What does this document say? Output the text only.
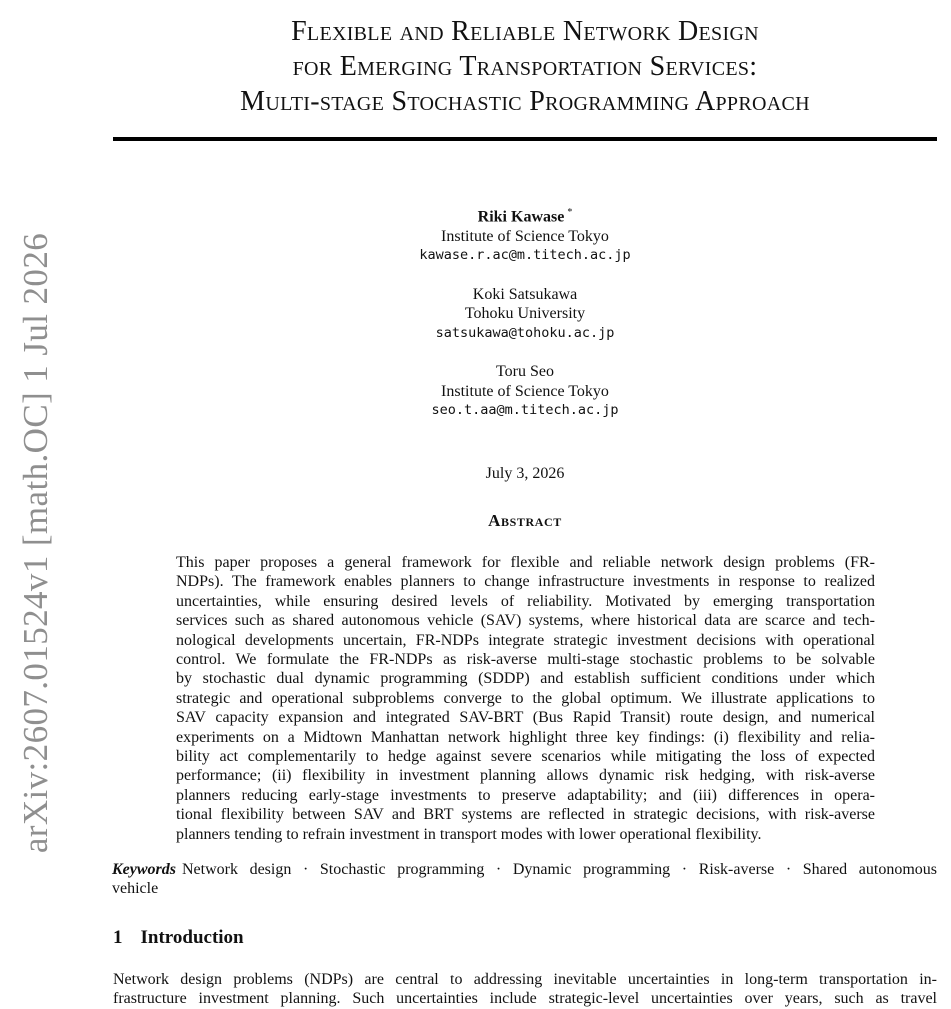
Flexible and Reliable Network Design
for Emerging Transportation Services:
Multi-stage Stochastic Programming Approach
arXiv:2607.01524v1 [math.OC] 1 Jul 2026
Riki Kawase *
Institute of Science Tokyo
kawase.r.ac@m.titech.ac.jp
Koki Satsukawa
Tohoku University
satsukawa@tohoku.ac.jp
Toru Seo
Institute of Science Tokyo
seo.t.aa@m.titech.ac.jp
July 3, 2026
Abstract
This paper proposes a general framework for flexible and reliable network design problems (FR-
NDPs). The framework enables planners to change infrastructure investments in response to realized
uncertainties, while ensuring desired levels of reliability. Motivated by emerging transportation
services such as shared autonomous vehicle (SAV) systems, where historical data are scarce and tech-
nological developments uncertain, FR-NDPs integrate strategic investment decisions with operational
control. We formulate the FR-NDPs as risk-averse multi-stage stochastic problems to be solvable
by stochastic dual dynamic programming (SDDP) and establish sufficient conditions under which
strategic and operational subproblems converge to the global optimum. We illustrate applications to
SAV capacity expansion and integrated SAV-BRT (Bus Rapid Transit) route design, and numerical
experiments on a Midtown Manhattan network highlight three key findings: (i) flexibility and relia-
bility act complementarily to hedge against severe scenarios while mitigating the loss of expected
performance; (ii) flexibility in investment planning allows dynamic risk hedging, with risk-averse
planners reducing early-stage investments to preserve adaptability; and (iii) differences in opera-
tional flexibility between SAV and BRT systems are reflected in strategic decisions, with risk-averse
planners tending to refrain investment in transport modes with lower operational flexibility.
Keywords Network design · Stochastic programming · Dynamic programming · Risk-averse · Shared autonomous
vehicle
1 Introduction
Network design problems (NDPs) are central to addressing inevitable uncertainties in long-term transportation in-
frastructure investment planning. Such uncertainties include strategic-level uncertainties over years, such as travel
